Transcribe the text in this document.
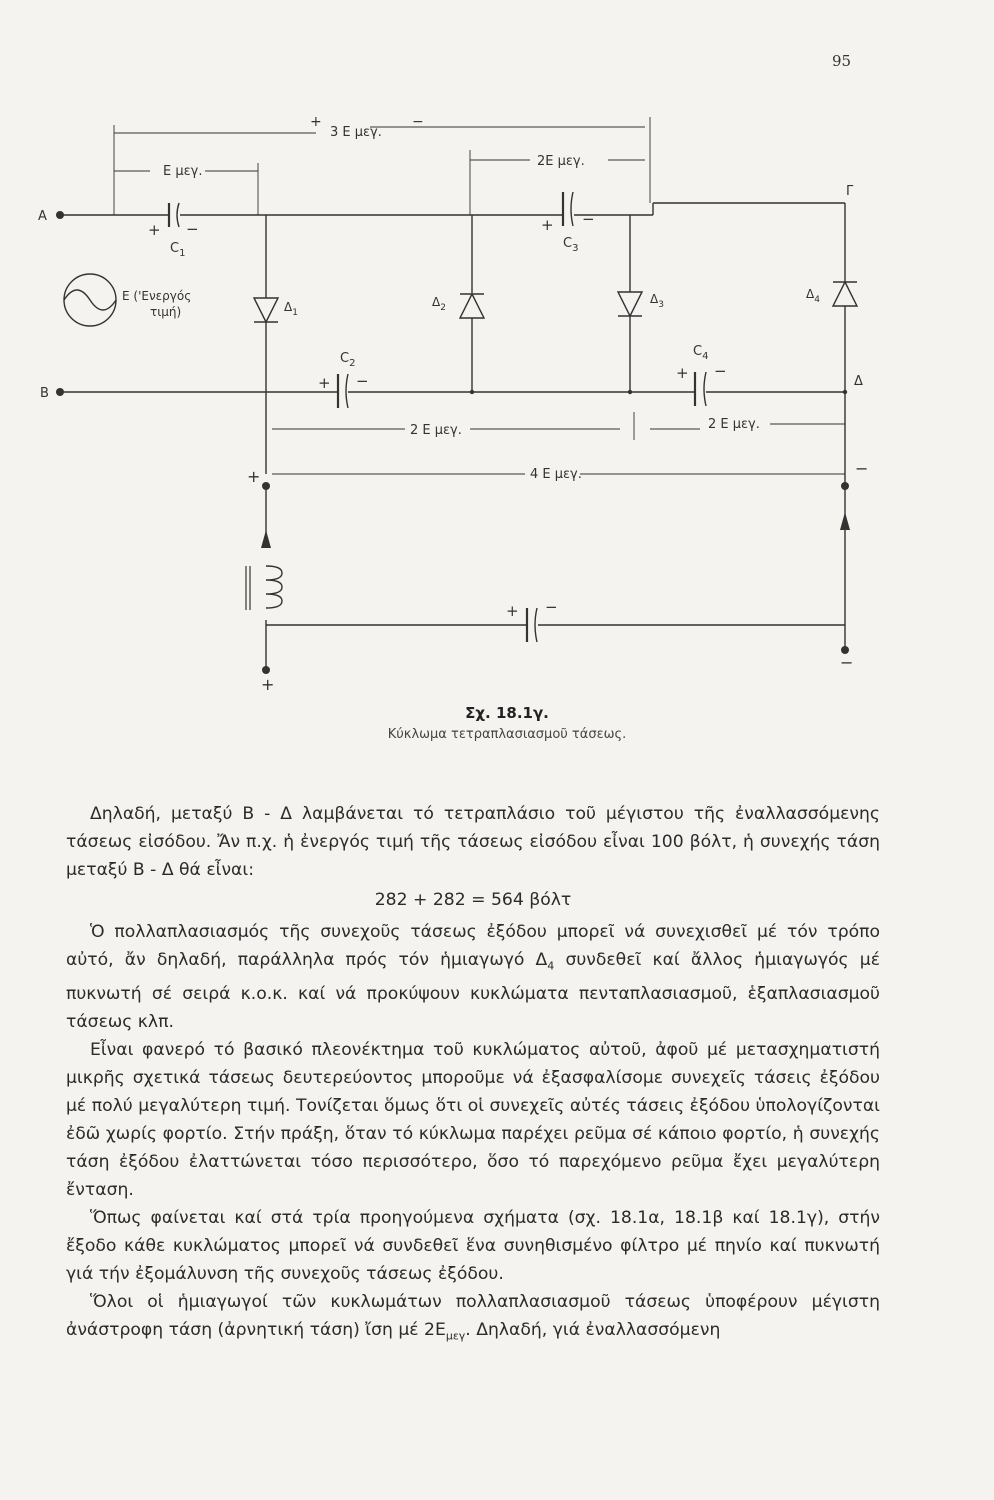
95
A
B
Γ
Δ
3 Ε μεγ.
+	−
Ε μεγ.
2Ε μεγ.
2 Ε μεγ.	2 Ε μεγ.
4 Ε μεγ.
Ε ('Ενεργός
τιμή)
+ −
$C_1$
+ −
$C_3$
+ −
$C_2$
+ −
$C_4$
$\Delta_1$
$\Delta_2$
$\Delta_3$
$\Delta_4$
+	−
+
−
+ −
Σχ. 18.1γ.
Κύκλωμα τετραπλασιασμοῦ τάσεως.

Δηλαδή, μεταξύ Β - Δ λαμβάνεται τό τετραπλάσιο τοῦ μέγιστου τῆς ἐναλλασσόμενης τάσεως εἰσόδου. Ἄν π.χ. ἡ ἐνεργός τιμή τῆς τάσεως εἰσόδου εἶναι 100 βόλτ, ἡ συνεχής τάση μεταξύ Β - Δ θά εἶναι:

282 + 282 = 564 βόλτ

Ὁ πολλαπλασιασμός τῆς συνεχοῦς τάσεως ἐξόδου μπορεῖ νά συνεχισθεῖ μέ τόν τρόπο αὐτό, ἄν δηλαδή, παράλληλα πρός τόν ἡμιαγωγό $\Delta_4$ συνδεθεῖ καί ἄλλος ἡμιαγωγός μέ πυκνωτή σέ σειρά κ.ο.κ. καί νά προκύψουν κυκλώματα πενταπλασιασμοῦ, ἑξαπλασιασμοῦ τάσεως κλπ.

Εἶναι φανερό τό βασικό πλεονέκτημα τοῦ κυκλώματος αὐτοῦ, ἀφοῦ μέ μετασχηματιστή μικρῆς σχετικά τάσεως δευτερεύοντος μποροῦμε νά ἐξασφαλίσομε συνεχεῖς τάσεις ἐξόδου μέ πολύ μεγαλύτερη τιμή. Τονίζεται ὅμως ὅτι οἱ συνεχεῖς αὐτές τάσεις ἐξόδου ὑπολογίζονται ἐδῶ χωρίς φορτίο. Στήν πράξη, ὅταν τό κύκλωμα παρέχει ρεῦμα σέ κάποιο φορτίο, ἡ συνεχής τάση ἐξόδου ἐλαττώνεται τόσο περισσότερο, ὅσο τό παρεχόμενο ρεῦμα ἔχει μεγαλύτερη ἔνταση.

Ὅπως φαίνεται καί στά τρία προηγούμενα σχήματα (σχ. 18.1α, 18.1β καί 18.1γ), στήν ἔξοδο κάθε κυκλώματος μπορεῖ νά συνδεθεῖ ἕνα συνηθισμένο φίλτρο μέ πηνίο καί πυκνωτή γιά τήν ἐξομάλυνση τῆς συνεχοῦς τάσεως ἐξόδου.

Ὅλοι οἱ ἡμιαγωγοί τῶν κυκλωμάτων πολλαπλασιασμοῦ τάσεως ὑποφέρουν μέγιστη ἀνάστροφη τάση (ἀρνητική τάση) ἴση μέ $2E_{\mu\varepsilon\gamma}$. Δηλαδή, γιά ἐναλλασσόμενη
